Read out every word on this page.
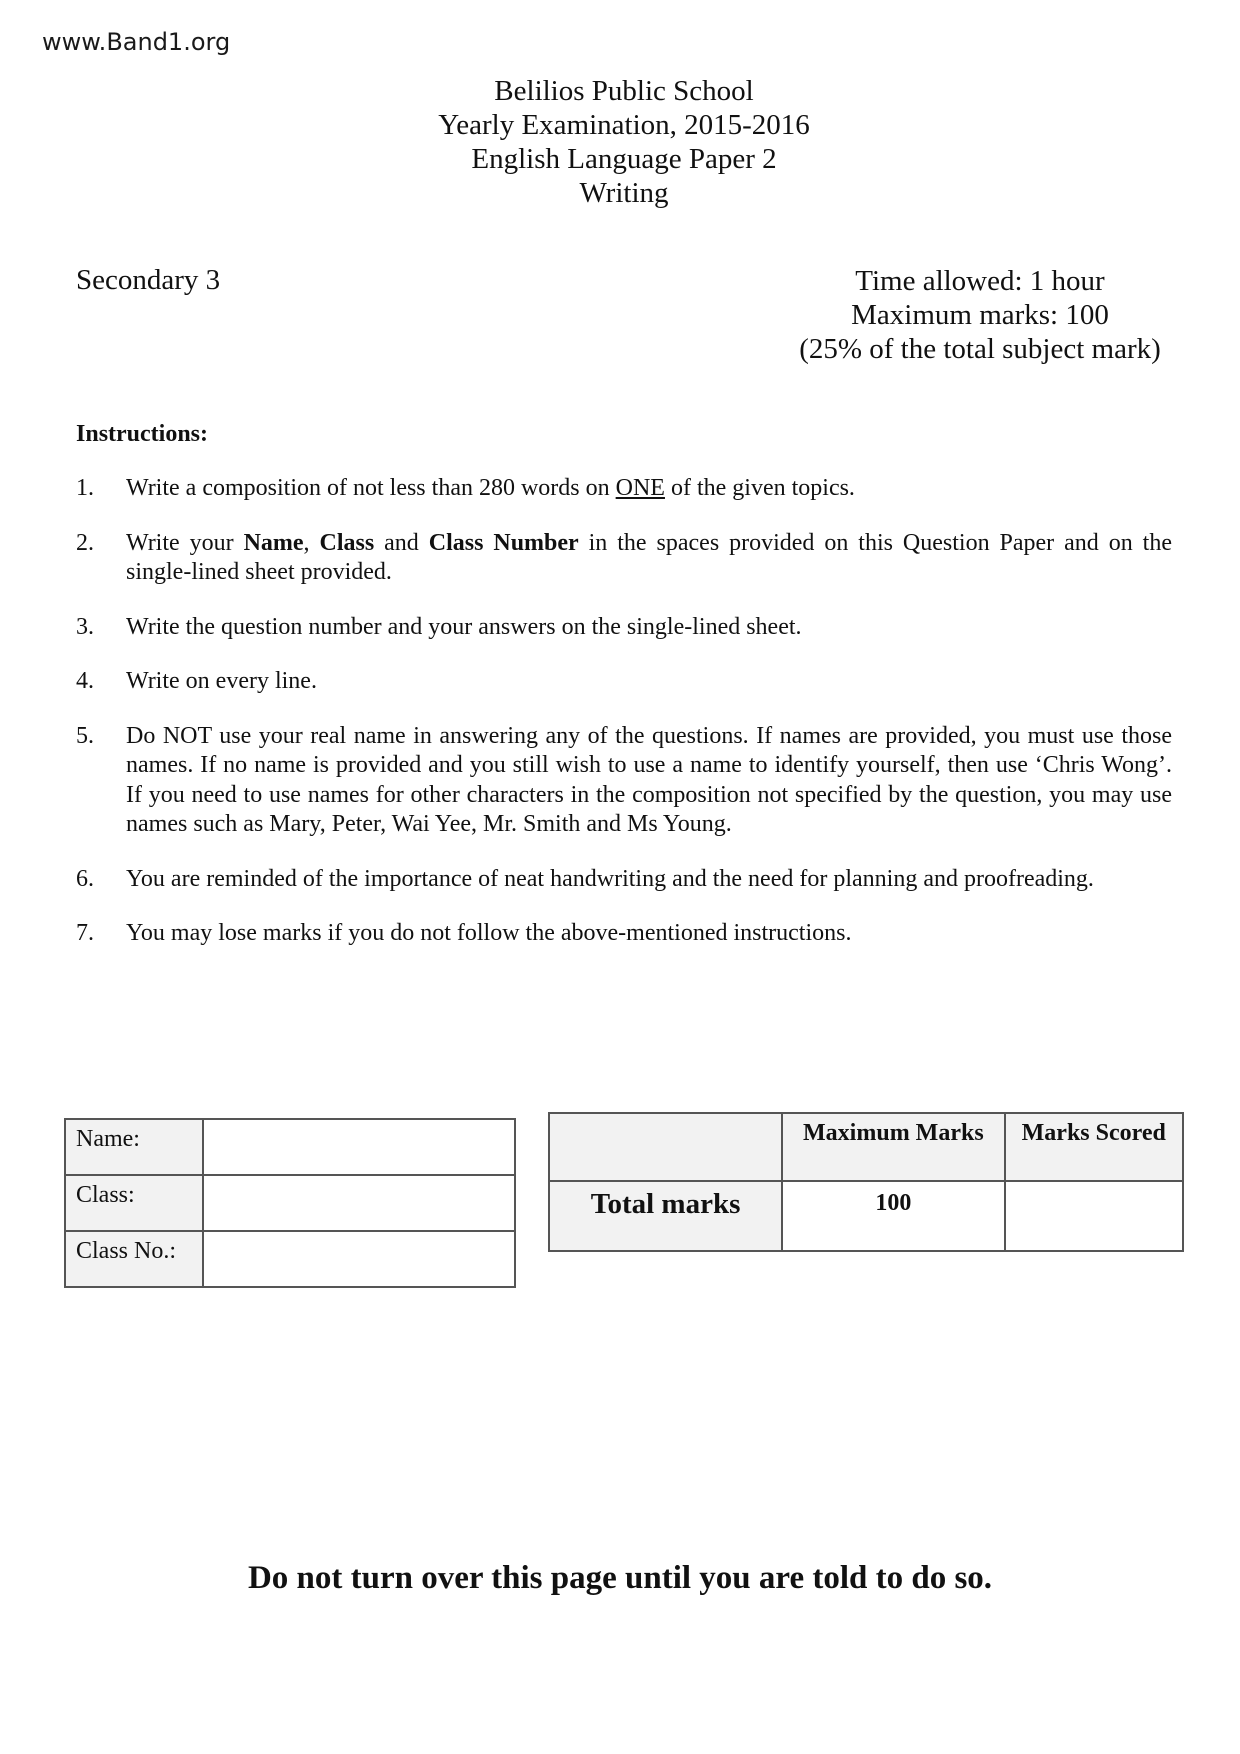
www.Band1.org
Belilios Public School
Yearly Examination, 2015-2016
English Language Paper 2
Writing
Secondary 3	Time allowed: 1 hour
Maximum marks: 100
(25% of the total subject mark)
Instructions:
1.	Write a composition of not less than 280 words on ONE of the given topics.
2.	Write your Name, Class and Class Number in the spaces provided on this Question Paper and on the single-lined sheet provided.
3.	Write the question number and your answers on the single-lined sheet.
4.	Write on every line.
5.	Do NOT use your real name in answering any of the questions. If names are provided, you must use those names. If no name is provided and you still wish to use a name to identify yourself, then use ‘Chris Wong’. If you need to use names for other characters in the composition not specified by the question, you may use names such as Mary, Peter, Wai Yee, Mr. Smith and Ms Young.
6.	You are reminded of the importance of neat handwriting and the need for planning and proofreading.
7.	You may lose marks if you do not follow the above-mentioned instructions.
Name:	
Class:	
Class No.:	
	Maximum Marks	Marks Scored
Total marks	100	
Do not turn over this page until you are told to do so.
